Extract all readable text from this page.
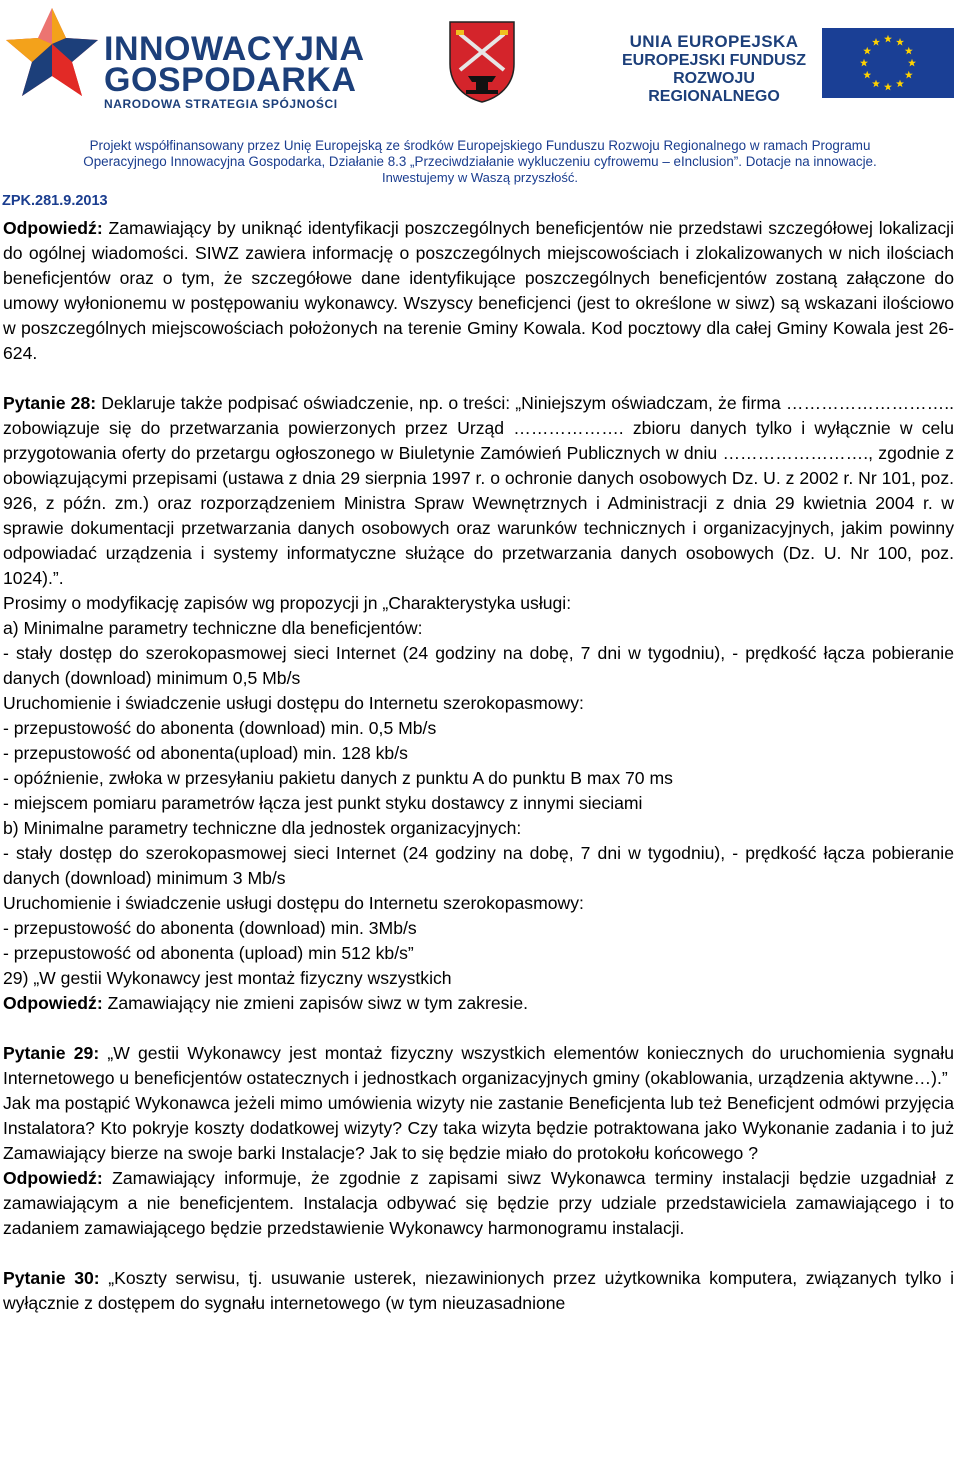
INNOWACYJNA
GOSPODARKA
NARODOWA STRATEGIA SPÓJNOŚCI
UNIA EUROPEJSKA
EUROPEJSKI FUNDUSZ
ROZWOJU REGIONALNEGO
Projekt współfinansowany przez Unię Europejską ze środków Europejskiego Funduszu Rozwoju Regionalnego w ramach Programu
Operacyjnego Innowacyjna Gospodarka, Działanie 8.3 „Przeciwdziałanie wykluczeniu cyfrowemu – eInclusion”. Dotacje na innowacje.
Inwestujemy w Waszą przyszłość.
ZPK.281.9.2013

Odpowiedź: Zamawiający by uniknąć identyfikacji poszczególnych beneficjentów nie przedstawi szczegółowej lokalizacji do ogólnej wiadomości. SIWZ zawiera informację o poszczególnych miejscowościach i zlokalizowanych w nich ilościach beneficjentów oraz o tym, że szczegółowe dane identyfikujące poszczególnych beneficjentów zostaną załączone do umowy wyłonionemu w postępowaniu wykonawcy. Wszyscy beneficjenci (jest to określone w siwz) są wskazani ilościowo w poszczególnych miejscowościach położonych na terenie Gminy Kowala. Kod pocztowy dla całej Gminy Kowala jest 26-624.

Pytanie 28: Deklaruje także podpisać oświadczenie, np. o treści: „Niniejszym oświadczam, że firma ……………………….. zobowiązuje się do przetwarzania powierzonych przez Urząd ………………. zbioru danych tylko i wyłącznie w celu przygotowania oferty do przetargu ogłoszonego w Biuletynie Zamówień Publicznych w dniu ……………………., zgodnie z obowiązującymi przepisami (ustawa z dnia 29 sierpnia 1997 r. o ochronie danych osobowych Dz. U. z 2002 r. Nr 101, poz. 926, z późn. zm.) oraz rozporządzeniem Ministra Spraw Wewnętrznych i Administracji z dnia 29 kwietnia 2004 r. w sprawie dokumentacji przetwarzania danych osobowych oraz warunków technicznych i organizacyjnych, jakim powinny odpowiadać urządzenia i systemy informatyczne służące do przetwarzania danych osobowych (Dz. U. Nr 100, poz. 1024).”.

Prosimy o modyfikację zapisów wg propozycji jn „Charakterystyka usługi:
a) Minimalne parametry techniczne dla beneficjentów:

- stały dostęp do szerokopasmowej sieci Internet (24 godziny na dobę, 7 dni w tygodniu), - prędkość łącza pobieranie danych (download) minimum 0,5 Mb/s

Uruchomienie i świadczenie usługi dostępu do Internetu szerokopasmowy:
- przepustowość do abonenta (download) min. 0,5 Mb/s
- przepustowość od abonenta(upload) min. 128 kb/s
- opóźnienie, zwłoka w przesyłaniu pakietu danych z punktu A do punktu B max 70 ms
- miejscem pomiaru parametrów łącza jest punkt styku dostawcy z innymi sieciami
b) Minimalne parametry techniczne dla jednostek organizacyjnych:

- stały dostęp do szerokopasmowej sieci Internet (24 godziny na dobę, 7 dni w tygodniu), - prędkość łącza pobieranie danych (download) minimum 3 Mb/s

Uruchomienie i świadczenie usługi dostępu do Internetu szerokopasmowy:
- przepustowość do abonenta (download) min. 3Mb/s
- przepustowość od abonenta (upload) min 512 kb/s”
29) „W gestii Wykonawcy jest montaż fizyczny wszystkich

Odpowiedź: Zamawiający nie zmieni zapisów siwz w tym zakresie.

Pytanie 29: „W gestii Wykonawcy jest montaż fizyczny wszystkich elementów koniecznych do uruchomienia sygnału Internetowego u beneficjentów ostatecznych i jednostkach organizacyjnych gminy (okablowania, urządzenia aktywne…).”

Jak ma postąpić Wykonawca jeżeli mimo umówienia wizyty nie zastanie Beneficjenta lub też Beneficjent odmówi przyjęcia Instalatora? Kto pokryje koszty dodatkowej wizyty? Czy taka wizyta będzie potraktowana jako Wykonanie zadania i to już Zamawiający bierze na swoje barki Instalacje? Jak to się będzie miało do protokołu końcowego ?

Odpowiedź: Zamawiający informuje, że zgodnie z zapisami siwz Wykonawca terminy instalacji będzie uzgadniał z zamawiającym a nie beneficjentem. Instalacja odbywać się będzie przy udziale przedstawiciela zamawiającego i to zadaniem zamawiającego będzie przedstawienie Wykonawcy harmonogramu instalacji.

Pytanie 30: „Koszty serwisu, tj. usuwanie usterek, niezawinionych przez użytkownika komputera, związanych tylko i wyłącznie z dostępem do sygnału internetowego (w tym nieuzasadnione
